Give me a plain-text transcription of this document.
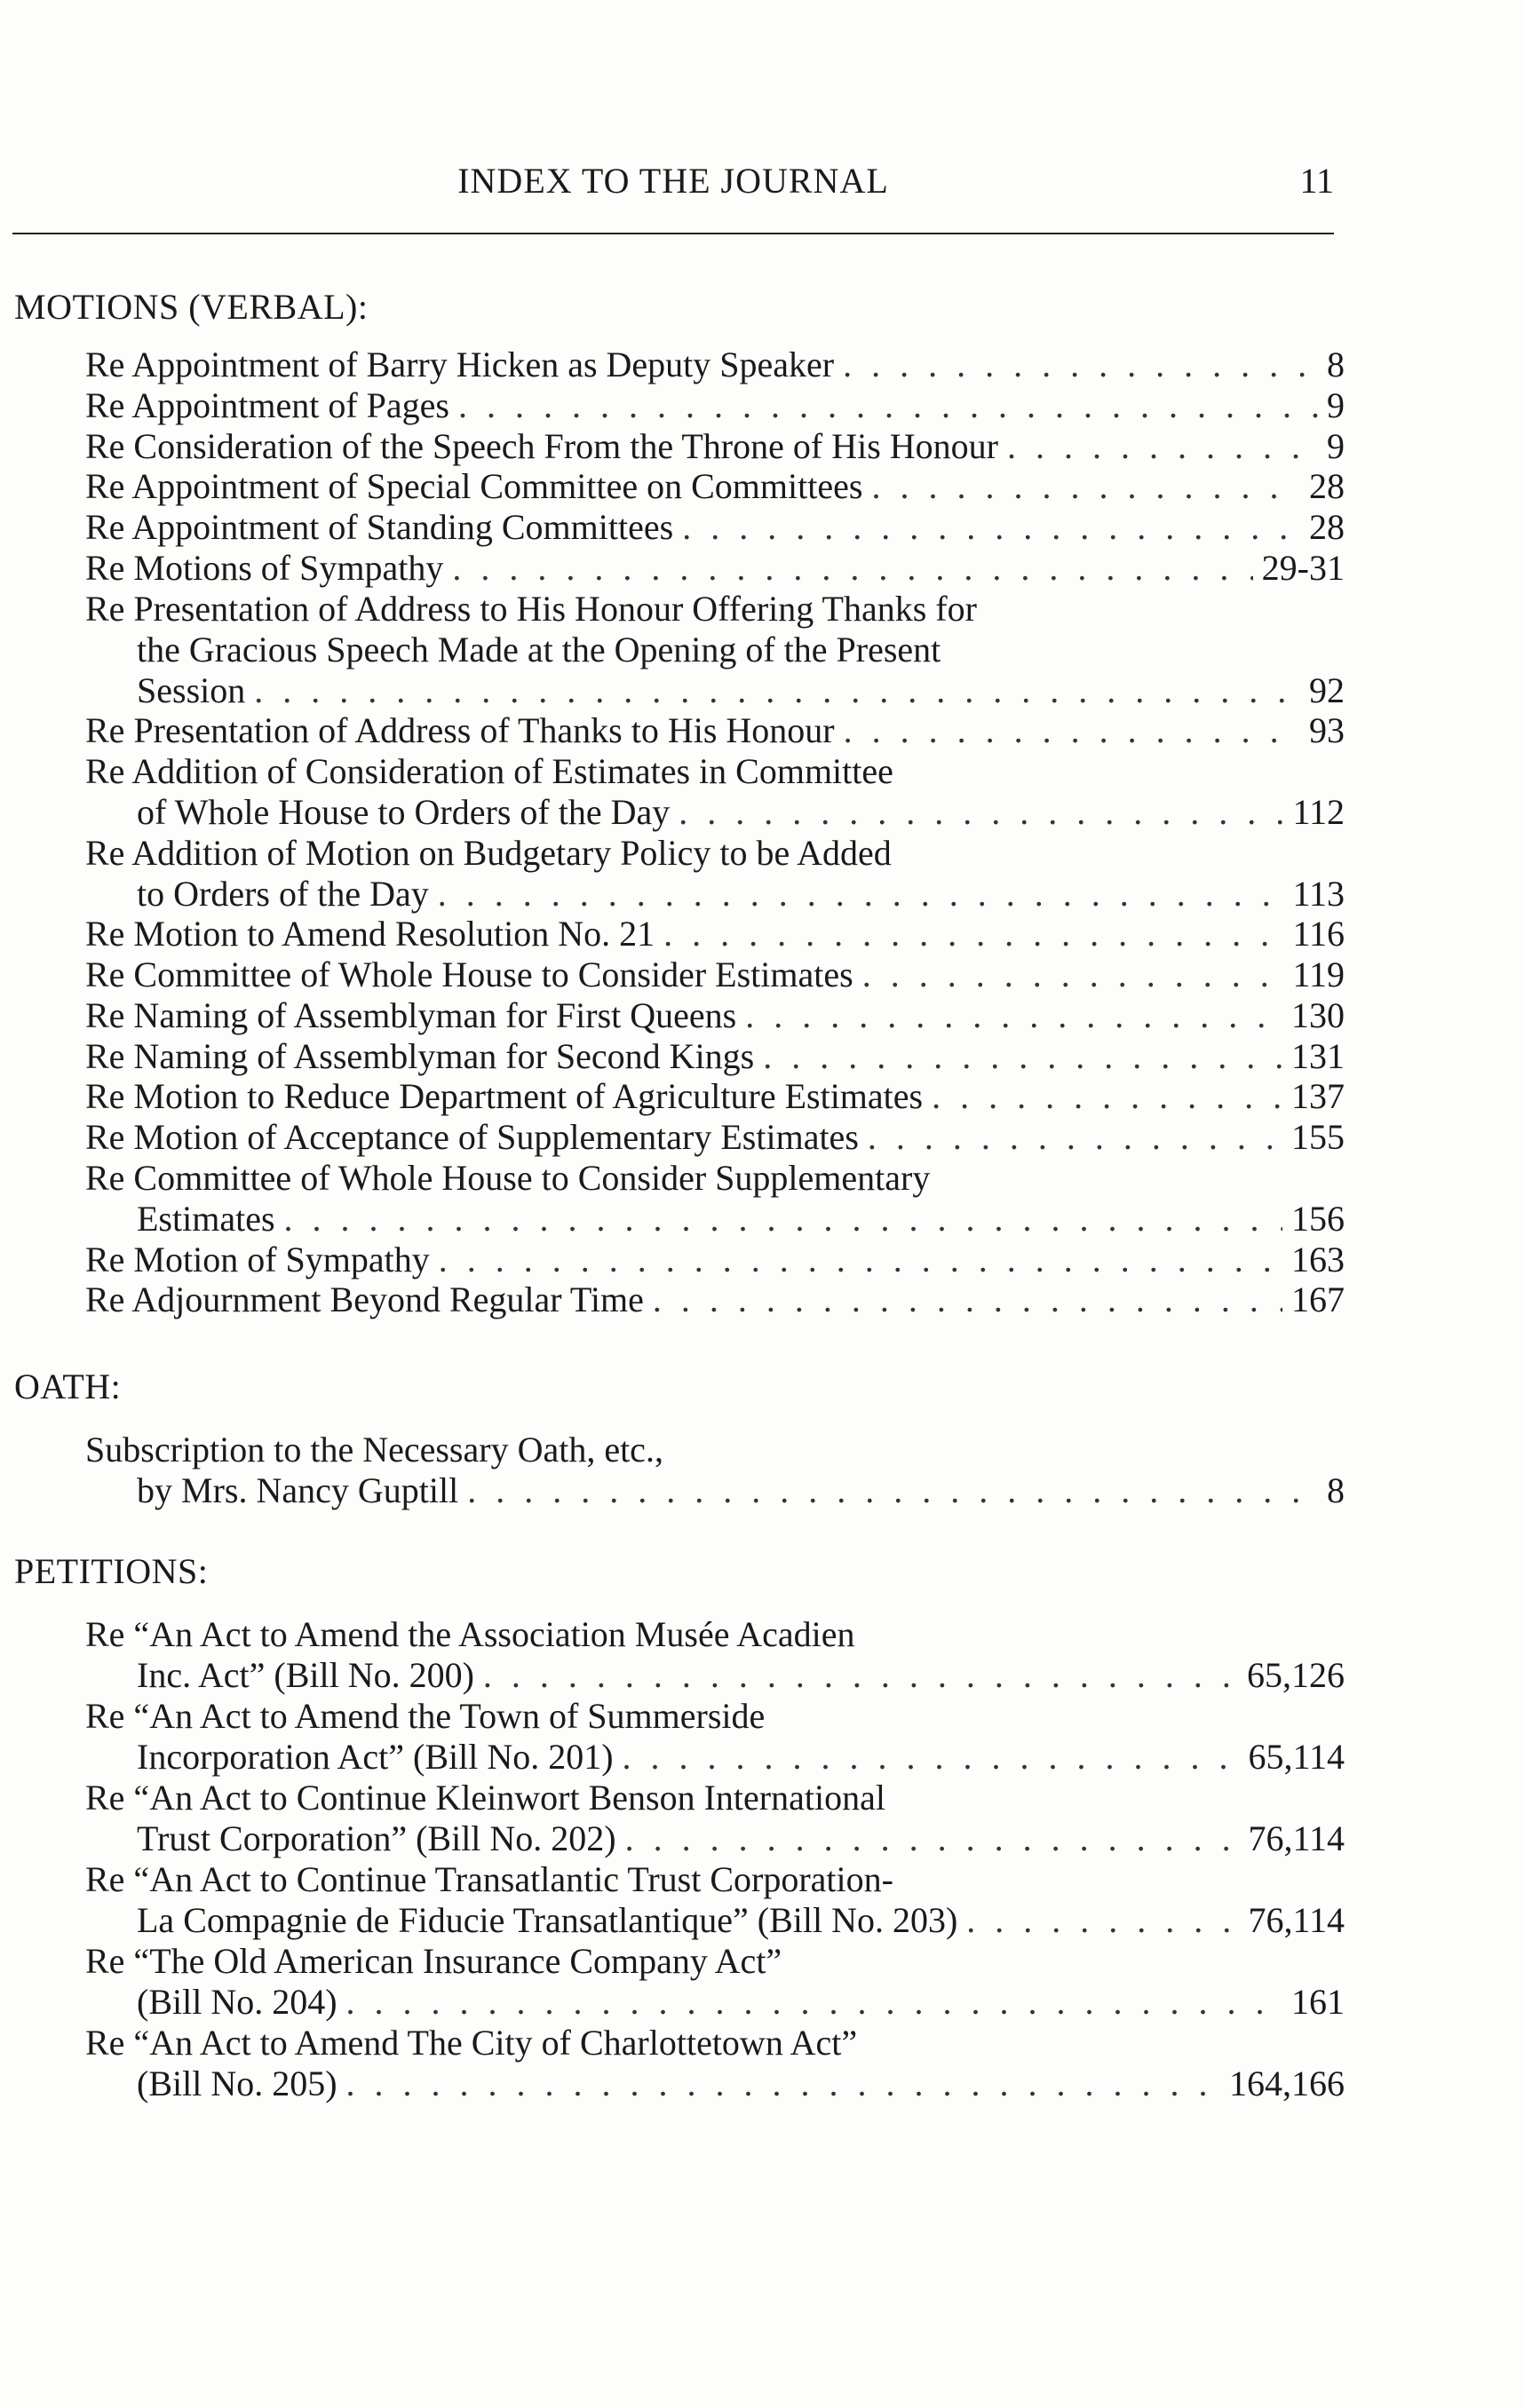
INDEX TO THE JOURNAL	11
MOTIONS (VERBAL):
Re Appointment of Barry Hicken as Deputy Speaker . . .	8
Re Appointment of Pages . . .	9
Re Consideration of the Speech From the Throne of His Honour . . .	9
Re Appointment of Special Committee on Committees . . .	28
Re Appointment of Standing Committees . . .	28
Re Motions of Sympathy . . .	29-31
Re Presentation of Address to His Honour Offering Thanks for
the Gracious Speech Made at the Opening of the Present
Session . . .	92
Re Presentation of Address of Thanks to His Honour . . .	93
Re Addition of Consideration of Estimates in Committee
of Whole House to Orders of the Day . . .	112
Re Addition of Motion on Budgetary Policy to be Added
to Orders of the Day . . .	113
Re Motion to Amend Resolution No. 21 . . .	116
Re Committee of Whole House to Consider Estimates . . .	119
Re Naming of Assemblyman for First Queens . . .	130
Re Naming of Assemblyman for Second Kings . . .	131
Re Motion to Reduce Department of Agriculture Estimates . . .	137
Re Motion of Acceptance of Supplementary Estimates . . .	155
Re Committee of Whole House to Consider Supplementary
Estimates . . .	156
Re Motion of Sympathy . . .	163
Re Adjournment Beyond Regular Time . . .	167
OATH:
Subscription to the Necessary Oath, etc.,
by Mrs. Nancy Guptill . . .	8
PETITIONS:
Re “An Act to Amend the Association Musée Acadien
Inc. Act” (Bill No. 200) . . .	65,126
Re “An Act to Amend the Town of Summerside
Incorporation Act” (Bill No. 201) . . .	65,114
Re “An Act to Continue Kleinwort Benson International
Trust Corporation” (Bill No. 202) . . .	76,114
Re “An Act to Continue Transatlantic Trust Corporation-
La Compagnie de Fiducie Transatlantique” (Bill No. 203) . . .	76,114
Re “The Old American Insurance Company Act”
(Bill No. 204) . . .	161
Re “An Act to Amend The City of Charlottetown Act”
(Bill No. 205) . . .	164,166
